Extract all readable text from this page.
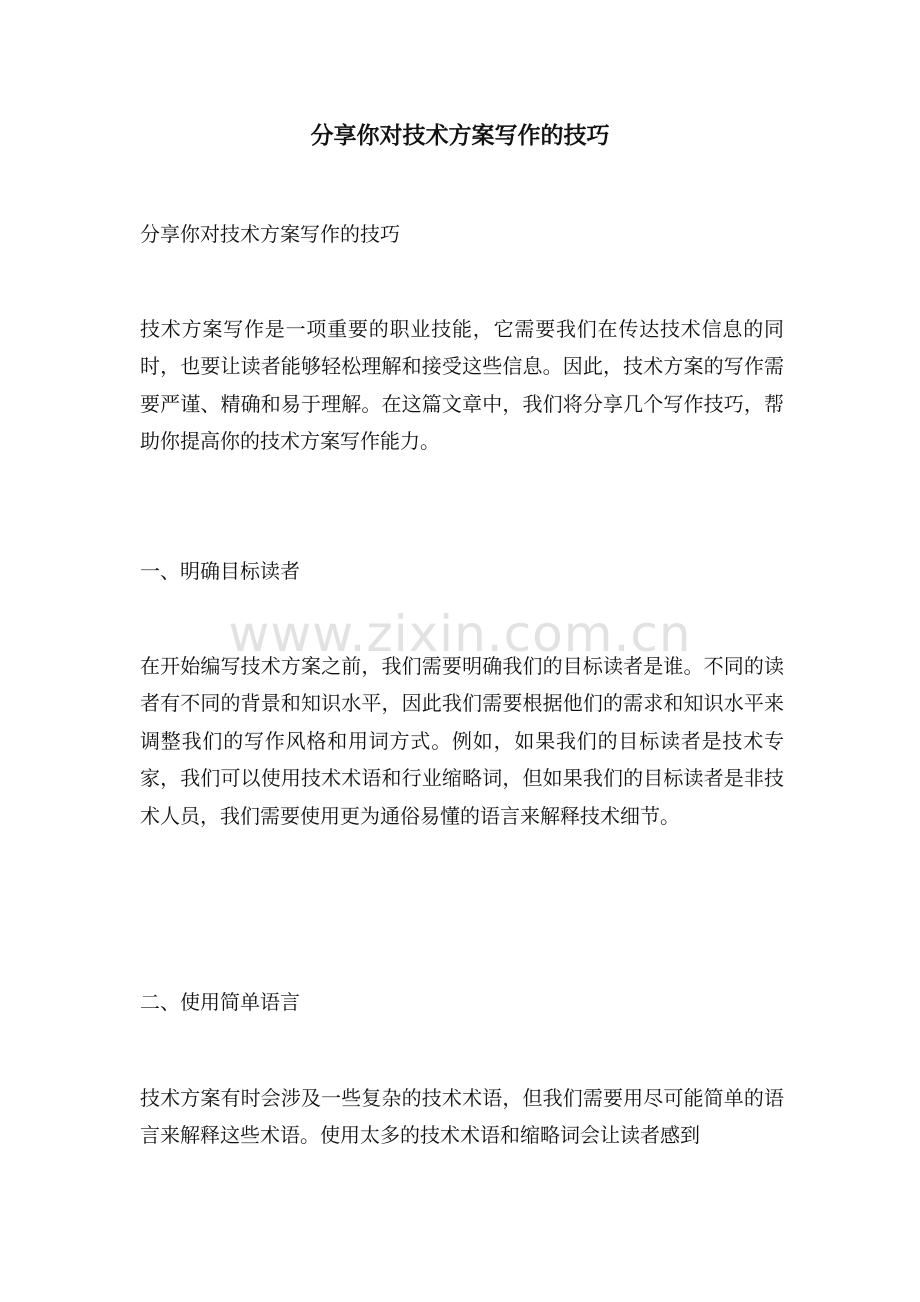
www.zixin.com.cn
分享你对技术方案写作的技巧

分享你对技术方案写作的技巧

技术方案写作是一项重要的职业技能，它需要我们在传达技术信息的同时，也要让读者能够轻松理解和接受这些信息。因此，技术方案的写作需要严谨、精确和易于理解。在这篇文章中，我们将分享几个写作技巧，帮助你提高你的技术方案写作能力。

一、明确目标读者

在开始编写技术方案之前，我们需要明确我们的目标读者是谁。不同的读者有不同的背景和知识水平，因此我们需要根据他们的需求和知识水平来调整我们的写作风格和用词方式。例如，如果我们的目标读者是技术专家，我们可以使用技术术语和行业缩略词，但如果我们的目标读者是非技术人员，我们需要使用更为通俗易懂的语言来解释技术细节。

二、使用简单语言

技术方案有时会涉及一些复杂的技术术语，但我们需要用尽可能简单的语言来解释这些术语。使用太多的技术术语和缩略词会让读者感到
